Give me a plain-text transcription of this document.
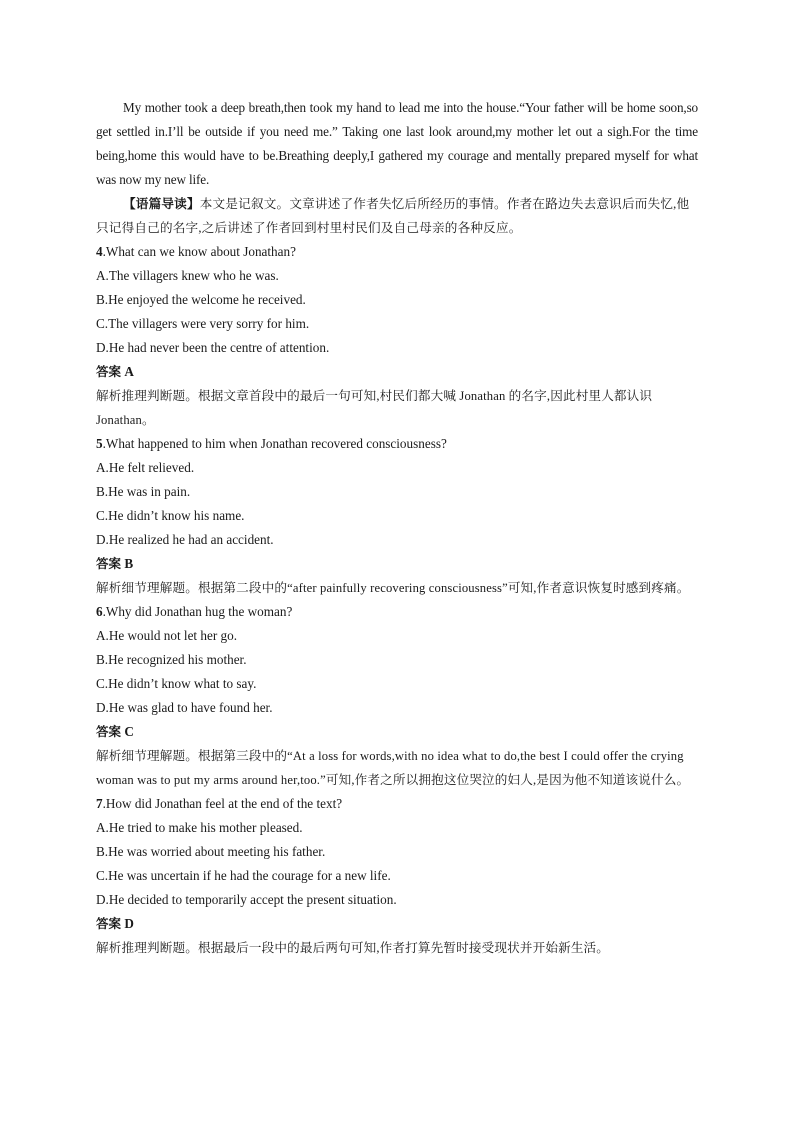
My mother took a deep breath,then took my hand to lead me into the house.“Your father will be home soon,so get settled in.I’ll be outside if you need me.” Taking one last look around,my mother let out a sigh.For the time being,home this would have to be.Breathing deeply,I gathered my courage and mentally prepared myself for what was now my new life.

【语篇导读】本文是记叙文。文章讲述了作者失忆后所经历的事情。作者在路边失去意识后而失忆,他只记得自己的名字,之后讲述了作者回到村里村民们及自己母亲的各种反应。

4.What can we know about Jonathan?

A.The villagers knew who he was.

B.He enjoyed the welcome he received.

C.The villagers were very sorry for him.

D.He had never been the centre of attention.

答案 A

解析推理判断题。根据文章首段中的最后一句可知,村民们都大喊 Jonathan 的名字,因此村里人都认识 Jonathan。

5.What happened to him when Jonathan recovered consciousness?

A.He felt relieved.

B.He was in pain.

C.He didn’t know his name.

D.He realized he had an accident.

答案 B

解析细节理解题。根据第二段中的“after painfully recovering consciousness”可知,作者意识恢复时感到疼痛。

6.Why did Jonathan hug the woman?

A.He would not let her go.

B.He recognized his mother.

C.He didn’t know what to say.

D.He was glad to have found her.

答案 C

解析细节理解题。根据第三段中的“At a loss for words,with no idea what to do,the best I could offer the crying woman was to put my arms around her,too.”可知,作者之所以拥抱这位哭泣的妇人,是因为他不知道该说什么。

7.How did Jonathan feel at the end of the text?

A.He tried to make his mother pleased.

B.He was worried about meeting his father.

C.He was uncertain if he had the courage for a new life.

D.He decided to temporarily accept the present situation.

答案 D

解析推理判断题。根据最后一段中的最后两句可知,作者打算先暂时接受现状并开始新生活。
